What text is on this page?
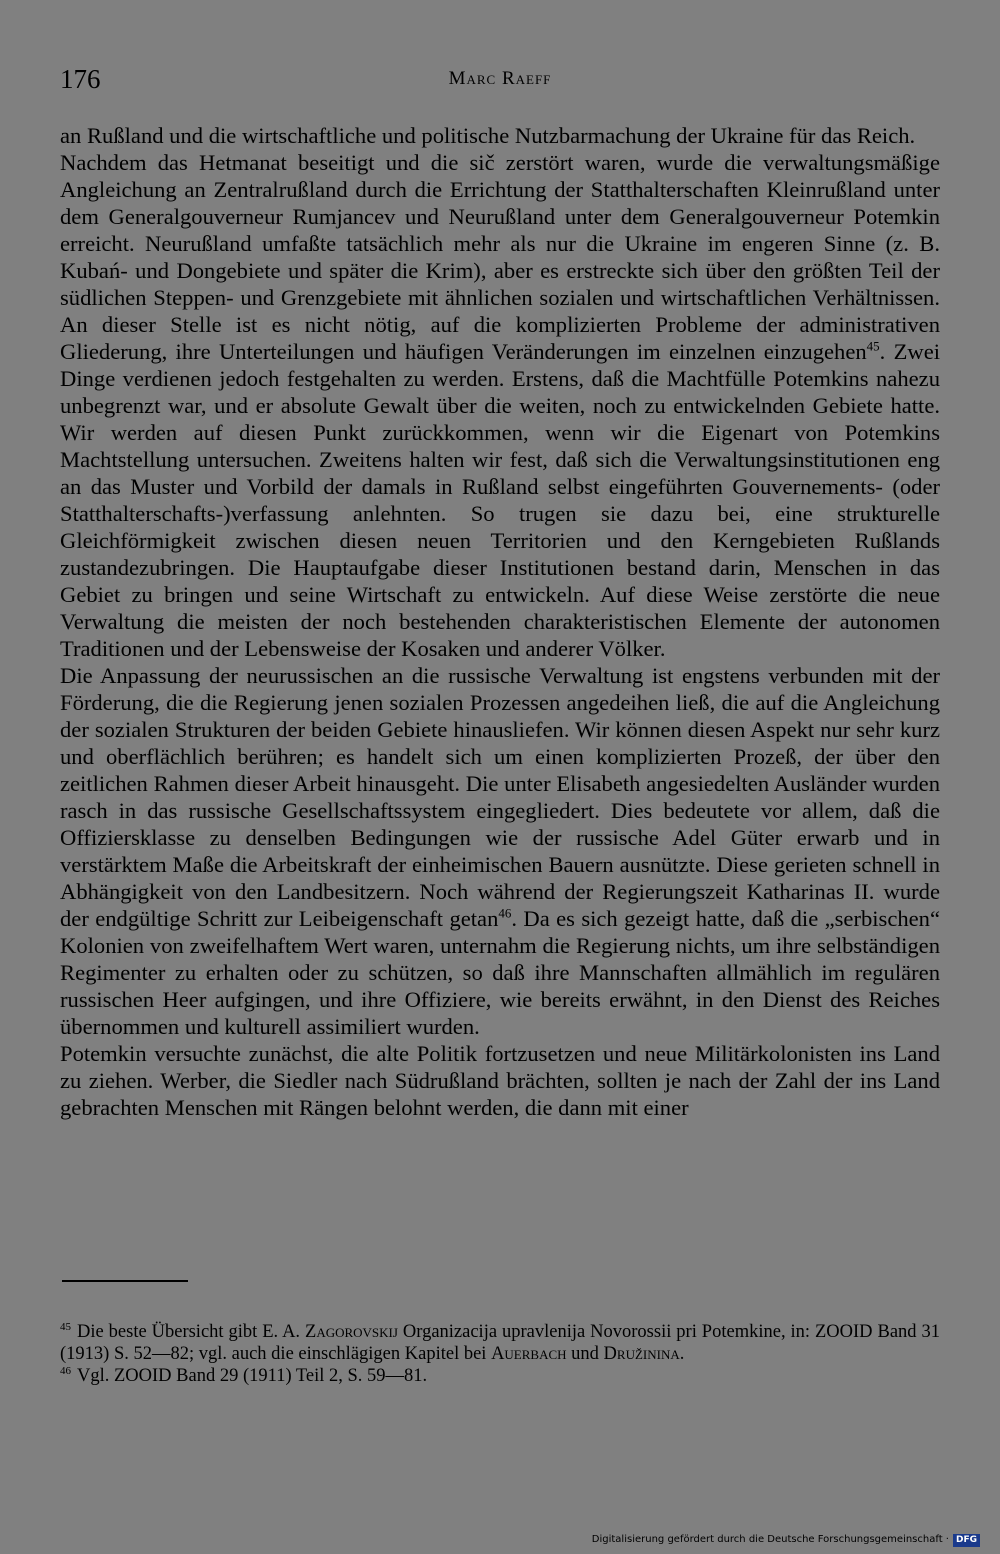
176	Marc Raeff

an Rußland und die wirtschaftliche und politische Nutzbarmachung der Ukraine für das Reich.

Nachdem das Hetmanat beseitigt und die sič zerstört waren, wurde die verwaltungsmäßige Angleichung an Zentralrußland durch die Errichtung der Statthalterschaften Kleinrußland unter dem Generalgouverneur Rumjancev und Neurußland unter dem Generalgouverneur Potemkin erreicht. Neurußland umfaßte tatsächlich mehr als nur die Ukraine im engeren Sinne (z. B. Kubań- und Dongebiete und später die Krim), aber es erstreckte sich über den größten Teil der südlichen Steppen- und Grenzgebiete mit ähnlichen sozialen und wirtschaftlichen Verhältnissen. An dieser Stelle ist es nicht nötig, auf die komplizierten Probleme der administrativen Gliederung, ihre Unterteilungen und häufigen Veränderungen im einzelnen einzugehen$^{45}$. Zwei Dinge verdienen jedoch festgehalten zu werden. Erstens, daß die Machtfülle Potemkins nahezu unbegrenzt war, und er absolute Gewalt über die weiten, noch zu entwickelnden Gebiete hatte. Wir werden auf diesen Punkt zurückkommen, wenn wir die Eigenart von Potemkins Machtstellung untersuchen. Zweitens halten wir fest, daß sich die Verwaltungsinstitutionen eng an das Muster und Vorbild der damals in Rußland selbst eingeführten Gouvernements- (oder Statthalterschafts-)verfassung anlehnten. So trugen sie dazu bei, eine strukturelle Gleichförmigkeit zwischen diesen neuen Territorien und den Kerngebieten Rußlands zustandezubringen. Die Hauptaufgabe dieser Institutionen bestand darin, Menschen in das Gebiet zu bringen und seine Wirtschaft zu entwickeln. Auf diese Weise zerstörte die neue Verwaltung die meisten der noch bestehenden charakteristischen Elemente der autonomen Traditionen und der Lebensweise der Kosaken und anderer Völker.

Die Anpassung der neurussischen an die russische Verwaltung ist engstens verbunden mit der Förderung, die die Regierung jenen sozialen Prozessen angedeihen ließ, die auf die Angleichung der sozialen Strukturen der beiden Gebiete hinausliefen. Wir können diesen Aspekt nur sehr kurz und oberflächlich berühren; es handelt sich um einen komplizierten Prozeß, der über den zeitlichen Rahmen dieser Arbeit hinausgeht. Die unter Elisabeth angesiedelten Ausländer wurden rasch in das russische Gesellschaftssystem eingegliedert. Dies bedeutete vor allem, daß die Offiziersklasse zu denselben Bedingungen wie der russische Adel Güter erwarb und in verstärktem Maße die Arbeitskraft der einheimischen Bauern ausnützte. Diese gerieten schnell in Abhängigkeit von den Landbesitzern. Noch während der Regierungszeit Katharinas II. wurde der endgültige Schritt zur Leibeigenschaft getan$^{46}$. Da es sich gezeigt hatte, daß die „serbischen“ Kolonien von zweifelhaftem Wert waren, unternahm die Regierung nichts, um ihre selbständigen Regimenter zu erhalten oder zu schützen, so daß ihre Mannschaften allmählich im regulären russischen Heer aufgingen, und ihre Offiziere, wie bereits erwähnt, in den Dienst des Reiches übernommen und kulturell assimiliert wurden.

Potemkin versuchte zunächst, die alte Politik fortzusetzen und neue Militärkolonisten ins Land zu ziehen. Werber, die Siedler nach Südrußland brächten, sollten je nach der Zahl der ins Land gebrachten Menschen mit Rängen belohnt werden, die dann mit einer

$^{45}$ Die beste Übersicht gibt E. A. Zagorovskij Organizacija upravlenija Novorossii pri Potemkine, in: ZOOID Band 31 (1913) S. 52—82; vgl. auch die einschlägigen Kapitel bei Auerbach und Družinina.

$^{46}$ Vgl. ZOOID Band 29 (1911) Teil 2, S. 59—81.

Digitalisierung gefördert durch die Deutsche Forschungsgemeinschaft · DFG
